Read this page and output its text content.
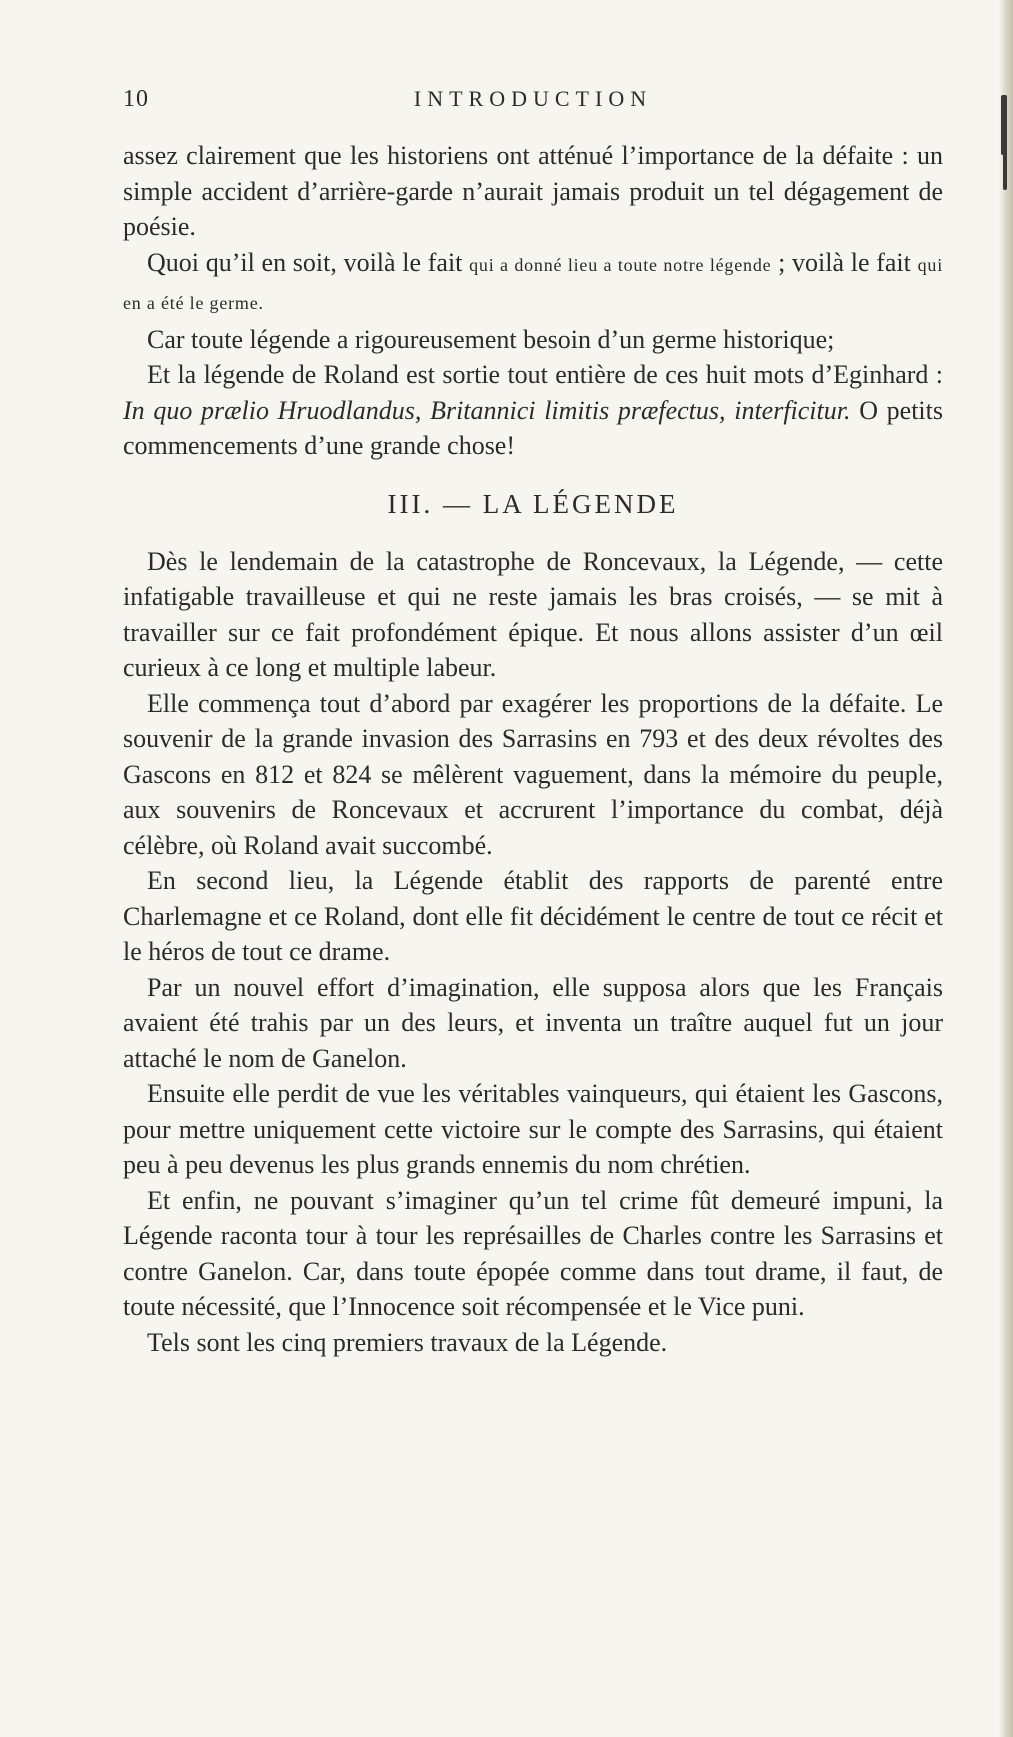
10	INTRODUCTION

assez clairement que les historiens ont atténué l’importance de la défaite : un simple accident d’arrière-garde n’aurait jamais produit un tel dégagement de poésie.

Quoi qu’il en soit, voilà le fait qui a donné lieu a toute notre légende ; voilà le fait qui en a été le germe.

Car toute légende a rigoureusement besoin d’un germe historique;

Et la légende de Roland est sortie tout entière de ces huit mots d’Eginhard : In quo prælio Hruodlandus, Britannici limitis præfectus, interficitur. O petits commencements d’une grande chose!

III. — LA LÉGENDE

Dès le lendemain de la catastrophe de Roncevaux, la Légende, — cette infatigable travailleuse et qui ne reste jamais les bras croisés, — se mit à travailler sur ce fait profondément épique. Et nous allons assister d’un œil curieux à ce long et multiple labeur.

Elle commença tout d’abord par exagérer les proportions de la défaite. Le souvenir de la grande invasion des Sarrasins en 793 et des deux révoltes des Gascons en 812 et 824 se mêlèrent vaguement, dans la mémoire du peuple, aux souvenirs de Roncevaux et accrurent l’importance du combat, déjà célèbre, où Roland avait succombé.

En second lieu, la Légende établit des rapports de parenté entre Charlemagne et ce Roland, dont elle fit décidément le centre de tout ce récit et le héros de tout ce drame.

Par un nouvel effort d’imagination, elle supposa alors que les Français avaient été trahis par un des leurs, et inventa un traître auquel fut un jour attaché le nom de Ganelon.

Ensuite elle perdit de vue les véritables vainqueurs, qui étaient les Gascons, pour mettre uniquement cette victoire sur le compte des Sarrasins, qui étaient peu à peu devenus les plus grands ennemis du nom chrétien.

Et enfin, ne pouvant s’imaginer qu’un tel crime fût demeuré impuni, la Légende raconta tour à tour les représailles de Charles contre les Sarrasins et contre Ganelon. Car, dans toute épopée comme dans tout drame, il faut, de toute nécessité, que l’Innocence soit récompensée et le Vice puni.

Tels sont les cinq premiers travaux de la Légende.
